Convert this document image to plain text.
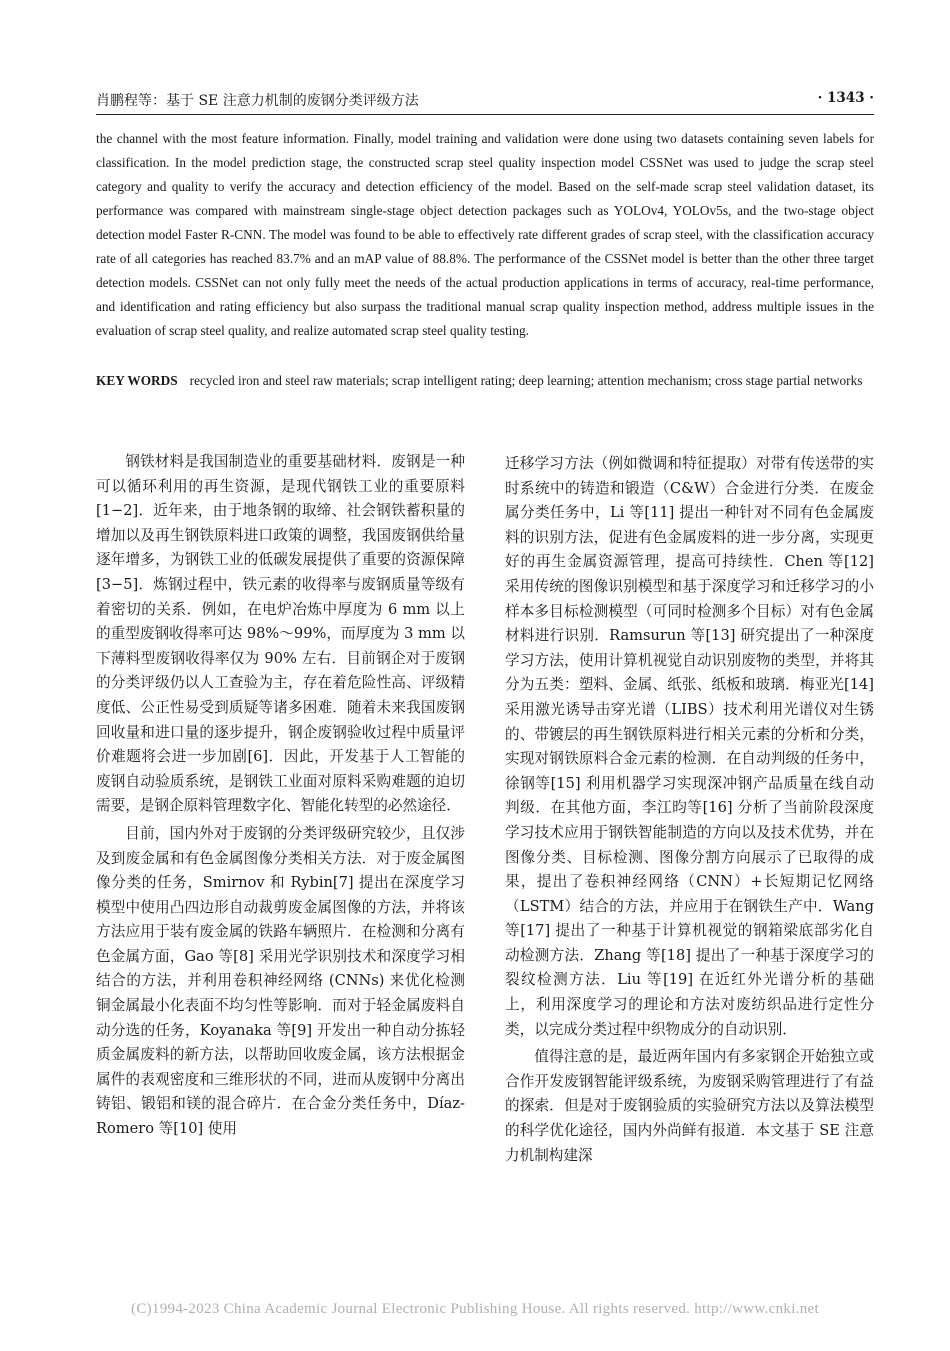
肖鹏程等：基于 SE 注意力机制的废钢分类评级方法	· 1343 ·

the channel with the most feature information. Finally, model training and validation were done using two datasets containing seven labels for classification. In the model prediction stage, the constructed scrap steel quality inspection model CSSNet was used to judge the scrap steel category and quality to verify the accuracy and detection efficiency of the model. Based on the self-made scrap steel validation dataset, its performance was compared with mainstream single-stage object detection packages such as YOLOv4, YOLOv5s, and the two-stage object detection model Faster R-CNN. The model was found to be able to effectively rate different grades of scrap steel, with the classification accuracy rate of all categories has reached 83.7% and an mAP value of 88.8%. The performance of the CSSNet model is better than the other three target detection models. CSSNet can not only fully meet the needs of the actual production applications in terms of accuracy, real-time performance, and identification and rating efficiency but also surpass the traditional manual scrap quality inspection method, address multiple issues in the evaluation of scrap steel quality, and realize automated scrap steel quality testing.

KEY WORDS recycled iron and steel raw materials; scrap intelligent rating; deep learning; attention mechanism; cross stage partial networks

钢铁材料是我国制造业的重要基础材料．废钢是一种可以循环利用的再生资源，是现代钢铁工业的重要原料[1−2]．近年来，由于地条钢的取缔、社会钢铁蓄积量的增加以及再生钢铁原料进口政策的调整，我国废钢供给量逐年增多，为钢铁工业的低碳发展提供了重要的资源保障[3−5]．炼钢过程中，铁元素的收得率与废钢质量等级有着密切的关系．例如，在电炉冶炼中厚度为 6 mm 以上的重型废钢收得率可达 98%～99%，而厚度为 3 mm 以下薄料型废钢收得率仅为 90% 左右．目前钢企对于废钢的分类评级仍以人工查验为主，存在着危险性高、评级精度低、公正性易受到质疑等诸多困难．随着未来我国废钢回收量和进口量的逐步提升，钢企废钢验收过程中质量评价难题将会进一步加剧[6]．因此，开发基于人工智能的废钢自动验质系统，是钢铁工业面对原料采购难题的迫切需要，是钢企原料管理数字化、智能化转型的必然途径．

目前，国内外对于废钢的分类评级研究较少，且仅涉及到废金属和有色金属图像分类相关方法．对于废金属图像分类的任务，Smirnov 和 Rybin[7] 提出在深度学习模型中使用凸四边形自动裁剪废金属图像的方法，并将该方法应用于装有废金属的铁路车辆照片．在检测和分离有色金属方面，Gao 等[8] 采用光学识别技术和深度学习相结合的方法，并利用卷积神经网络 (CNNs) 来优化检测铜金属最小化表面不均匀性等影响．而对于轻金属废料自动分选的任务，Koyanaka 等[9] 开发出一种自动分拣轻质金属废料的新方法，以帮助回收废金属，该方法根据金属件的表观密度和三维形状的不同，进而从废钢中分离出铸铝、锻铝和镁的混合碎片．在合金分类任务中，Díaz-Romero 等[10] 使用

迁移学习方法（例如微调和特征提取）对带有传送带的实时系统中的铸造和锻造（C&W）合金进行分类．在废金属分类任务中，Li 等[11] 提出一种针对不同有色金属废料的识别方法，促进有色金属废料的进一步分离，实现更好的再生金属资源管理，提高可持续性．Chen 等[12] 采用传统的图像识别模型和基于深度学习和迁移学习的小样本多目标检测模型（可同时检测多个目标）对有色金属材料进行识别．Ramsurun 等[13] 研究提出了一种深度学习方法，使用计算机视觉自动识别废物的类型，并将其分为五类：塑料、金属、纸张、纸板和玻璃．梅亚光[14] 采用激光诱导击穿光谱（LIBS）技术利用光谱仪对生锈的、带镀层的再生钢铁原料进行相关元素的分析和分类，实现对钢铁原料合金元素的检测．在自动判级的任务中，徐钢等[15] 利用机器学习实现深冲钢产品质量在线自动判级．在其他方面，李江昀等[16] 分析了当前阶段深度学习技术应用于钢铁智能制造的方向以及技术优势，并在图像分类、目标检测、图像分割方向展示了已取得的成果，提出了卷积神经网络（CNN）+长短期记忆网络（LSTM）结合的方法，并应用于在钢铁生产中．Wang 等[17] 提出了一种基于计算机视觉的钢箱梁底部劣化自动检测方法．Zhang 等[18] 提出了一种基于深度学习的裂纹检测方法．Liu 等[19] 在近红外光谱分析的基础上，利用深度学习的理论和方法对废纺织品进行定性分类，以完成分类过程中织物成分的自动识别．

值得注意的是，最近两年国内有多家钢企开始独立或合作开发废钢智能评级系统，为废钢采购管理进行了有益的探索．但是对于废钢验质的实验研究方法以及算法模型的科学优化途径，国内外尚鲜有报道．本文基于 SE 注意力机制构建深

(C)1994-2023 China Academic Journal Electronic Publishing House. All rights reserved. http://www.cnki.net
